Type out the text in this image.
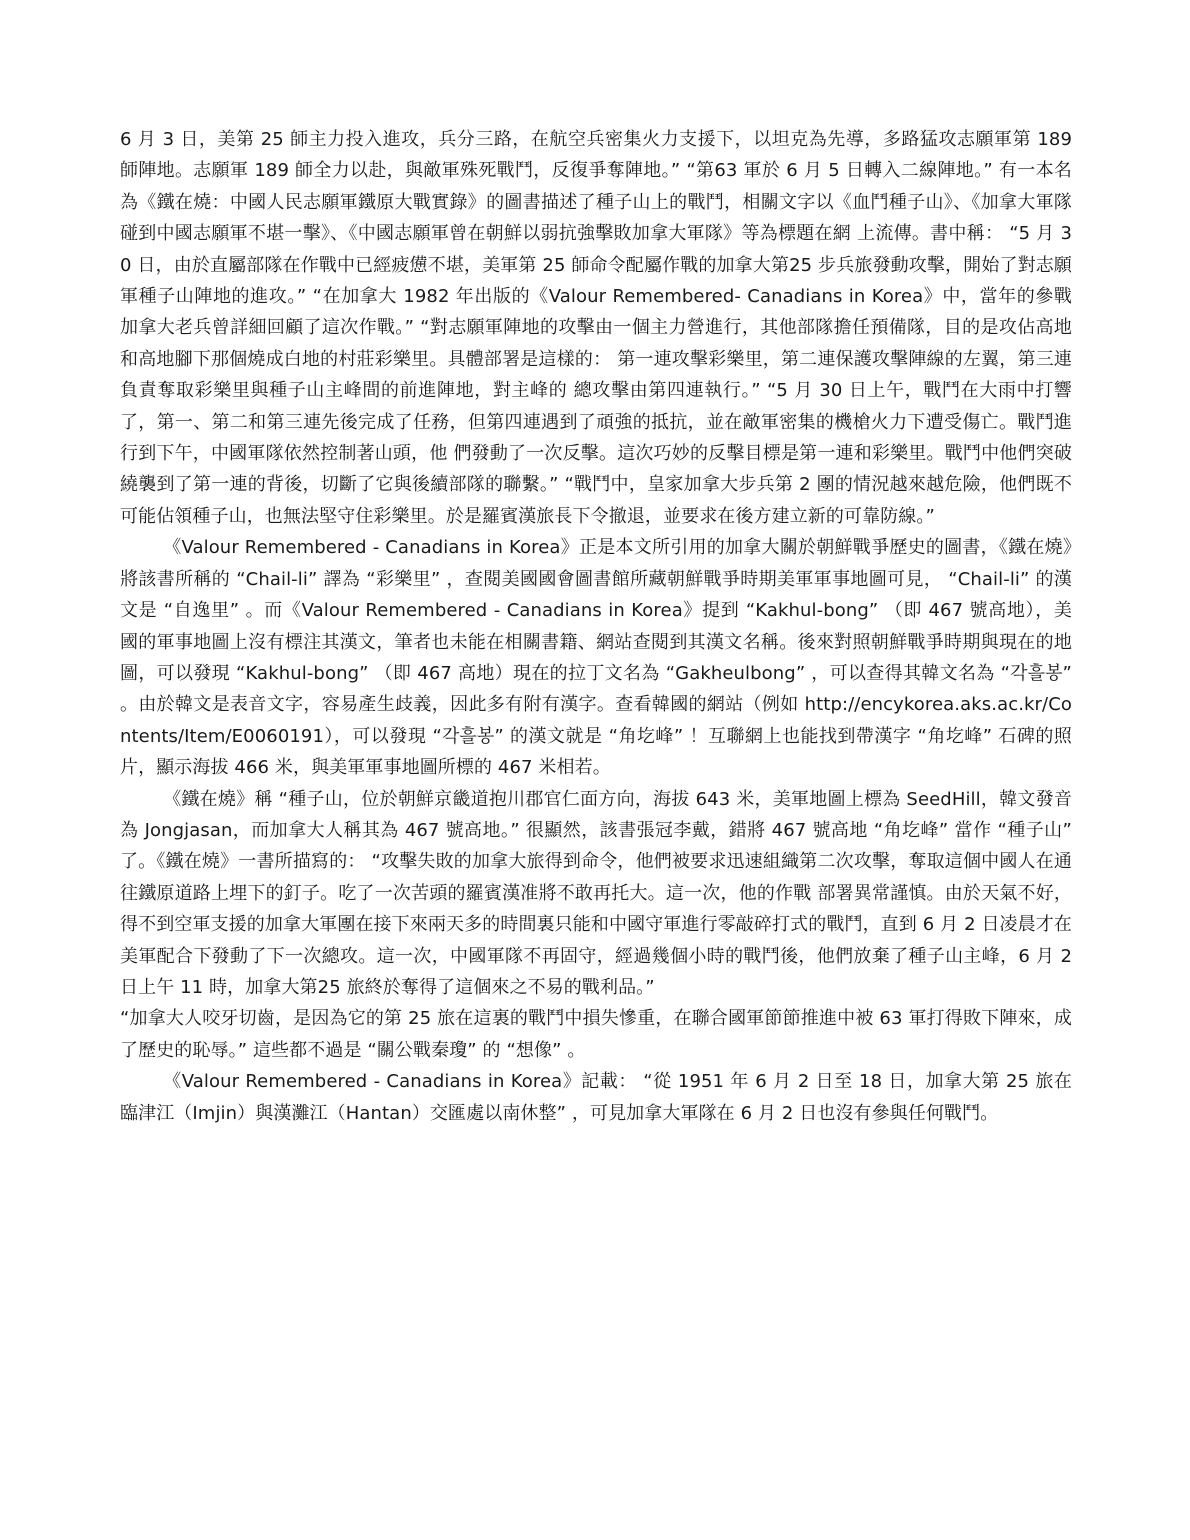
6 月 3 日，美第 25 師主力投入進攻，兵分三路，在航空兵密集火力支援下，以坦克為先導，多路猛攻志願軍第 189 師陣地。志願軍 189 師全力以赴，與敵軍殊死戰鬥，反復爭奪陣地。” “第63 軍於 6 月 5 日轉入二線陣地。” 有一本名為《鐵在燒：中國人民志願軍鐵原大戰實錄》的圖書描述了種子山上的戰鬥，相關文字以《血鬥種子山》、《加拿大軍隊碰到中國志願軍不堪一擊》、《中國志願軍曾在朝鮮以弱抗強擊敗加拿大軍隊》等為標題在網 上流傳。書中稱： “5 月 30 日，由於直屬部隊在作戰中已經疲憊不堪，美軍第 25 師命令配屬作戰的加拿大第25 步兵旅發動攻擊，開始了對志願軍種子山陣地的進攻。” “在加拿大 1982 年出版的《Valour Remembered- Canadians in Korea》中，當年的參戰加拿大老兵曾詳細回顧了這次作戰。” “對志願軍陣地的攻擊由一個主力營進行，其他部隊擔任預備隊，目的是攻佔高地和高地腳下那個燒成白地的村莊彩樂里。具體部署是這樣的： 第一連攻擊彩樂里，第二連保護攻擊陣線的左翼，第三連負責奪取彩樂里與種子山主峰間的前進陣地，對主峰的 總攻擊由第四連執行。” “5 月 30 日上午，戰鬥在大雨中打響了，第一、第二和第三連先後完成了任務，但第四連遇到了頑強的抵抗，並在敵軍密集的機槍火力下遭受傷亡。戰鬥進行到下午，中國軍隊依然控制著山頭，他 們發動了一次反擊。這次巧妙的反擊目標是第一連和彩樂里。戰鬥中他們突破繞襲到了第一連的背後，切斷了它與後續部隊的聯繫。” “戰鬥中，皇家加拿大步兵第 2 團的情況越來越危險，他們既不可能佔領種子山，也無法堅守住彩樂里。於是羅賓漢旅長下令撤退，並要求在後方建立新的可靠防線。”

《Valour Remembered - Canadians in Korea》正是本文所引用的加拿大關於朝鮮戰爭歷史的圖書，《鐵在燒》將該書所稱的 “Chail-li” 譯為 “彩樂里” ，查閱美國國會圖書館所藏朝鮮戰爭時期美軍軍事地圖可見， “Chail-li” 的漢文是 “自逸里” 。而《Valour Remembered - Canadians in Korea》提到 “Kakhul-bong” （即 467 號高地），美國的軍事地圖上沒有標注其漢文，筆者也未能在相關書籍、網站查閱到其漢文名稱。後來對照朝鮮戰爭時期與現在的地圖，可以發現 “Kakhul-bong” （即 467 高地）現在的拉丁文名為 “Gakheulbong” ，可以查得其韓文名為 “각흘봉” 。由於韓文是表音文字，容易產生歧義，因此多有附有漢字。查看韓國的網站（例如 http://encykorea.aks.ac.kr/Contents/Item/E0060191），可以發現 “각흘봉” 的漢文就是 “角圪峰” ！互聯網上也能找到帶漢字 “角圪峰” 石碑的照片，顯示海拔 466 米，與美軍軍事地圖所標的 467 米相若。

《鐵在燒》稱 “種子山，位於朝鮮京畿道抱川郡官仁面方向，海拔 643 米，美軍地圖上標為 SeedHill，韓文發音為 Jongjasan，而加拿大人稱其為 467 號高地。” 很顯然，該書張冠李戴，錯將 467 號高地 “角圪峰” 當作 “種子山” 了。《鐵在燒》一書所描寫的： “攻擊失敗的加拿大旅得到命令，他們被要求迅速組織第二次攻擊，奪取這個中國人在通往鐵原道路上埋下的釘子。吃了一次苦頭的羅賓漢准將不敢再托大。這一次，他的作戰 部署異常謹慎。由於天氣不好，得不到空軍支援的加拿大軍團在接下來兩天多的時間裏只能和中國守軍進行零敲碎打式的戰鬥，直到 6 月 2 日凌晨才在美軍配合下發動了下一次總攻。這一次，中國軍隊不再固守，經過幾個小時的戰鬥後，他們放棄了種子山主峰，6 月 2 日上午 11 時，加拿大第25 旅終於奪得了這個來之不易的戰利品。”

“加拿大人咬牙切齒，是因為它的第 25 旅在這裏的戰鬥中損失慘重，在聯合國軍節節推進中被 63 軍打得敗下陣來，成了歷史的恥辱。” 這些都不過是 “關公戰秦瓊” 的 “想像” 。

《Valour Remembered - Canadians in Korea》記載： “從 1951 年 6 月 2 日至 18 日，加拿大第 25 旅在臨津江（Imjin）與漢灘江（Hantan）交匯處以南休整” ，可見加拿大軍隊在 6 月 2 日也沒有參與任何戰鬥。
